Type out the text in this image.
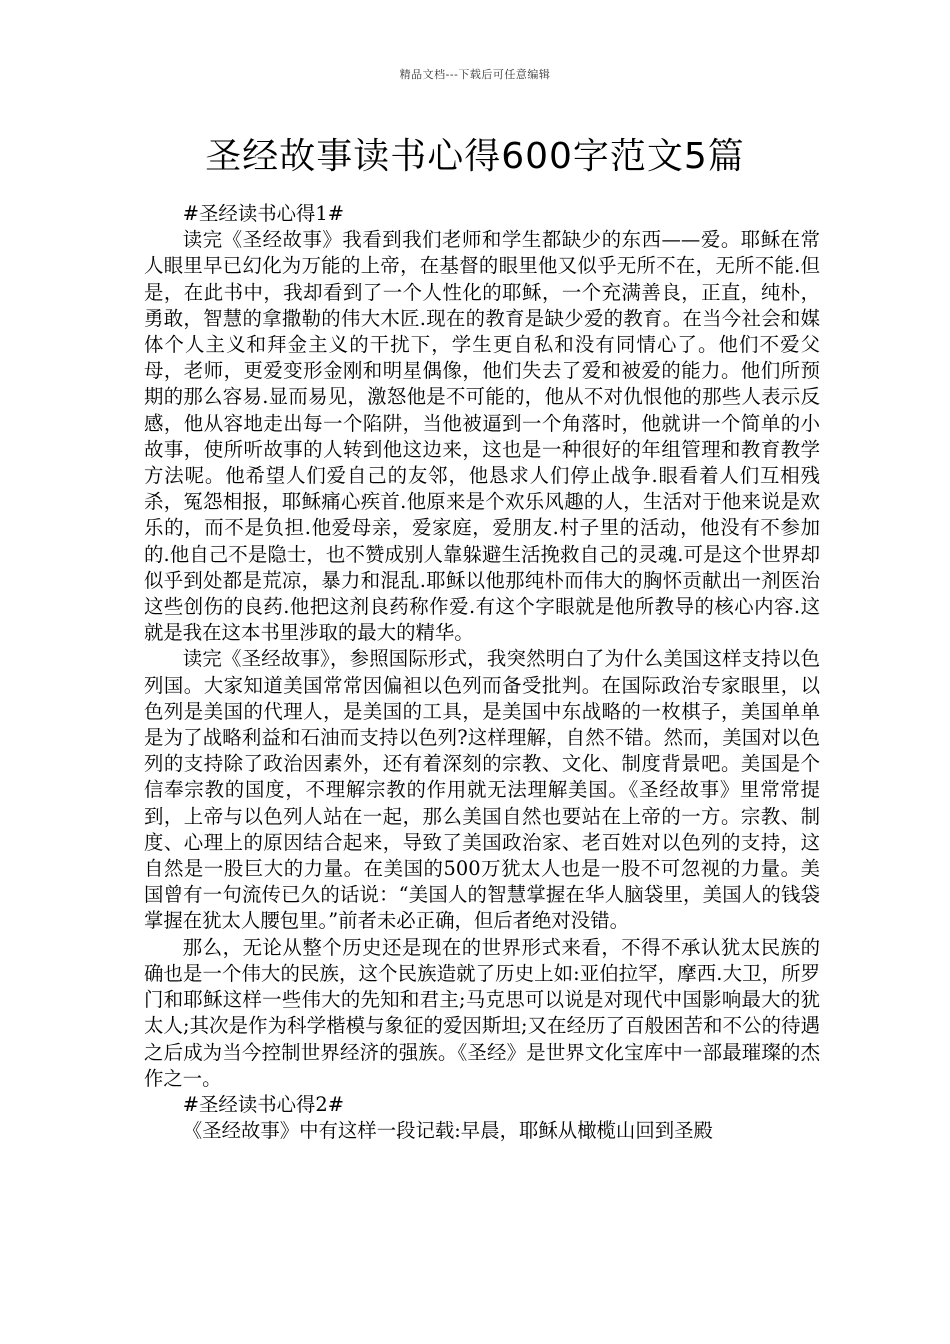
精品文档---下载后可任意编辑
圣经故事读书心得600字范文5篇

#圣经读书心得1#

读完《圣经故事》我看到我们老师和学生都缺少的东西——爱。耶稣在常人眼里早已幻化为万能的上帝，在基督的眼里他又似乎无所不在，无所不能.但是，在此书中，我却看到了一个人性化的耶稣，一个充满善良，正直，纯朴，勇敢，智慧的拿撒勒的伟大木匠.现在的教育是缺少爱的教育。在当今社会和媒体个人主义和拜金主义的干扰下，学生更自私和没有同情心了。他们不爱父母，老师，更爱变形金刚和明星偶像，他们失去了爱和被爱的能力。他们所预期的那么容易.显而易见，激怒他是不可能的，他从不对仇恨他的那些人表示反感，他从容地走出每一个陷阱，当他被逼到一个角落时，他就讲一个简单的小故事，使所听故事的人转到他这边来，这也是一种很好的年组管理和教育教学方法呢。他希望人们爱自己的友邻，他恳求人们停止战争.眼看着人们互相残杀，冤怨相报，耶稣痛心疾首.他原来是个欢乐风趣的人，生活对于他来说是欢乐的，而不是负担.他爱母亲，爱家庭，爱朋友.村子里的活动，他没有不参加的.他自己不是隐士，也不赞成别人靠躲避生活挽救自己的灵魂.可是这个世界却似乎到处都是荒凉，暴力和混乱.耶稣以他那纯朴而伟大的胸怀贡献出一剂医治这些创伤的良药.他把这剂良药称作爱.有这个字眼就是他所教导的核心内容.这就是我在这本书里涉取的最大的精华。

读完《圣经故事》，参照国际形式，我突然明白了为什么美国这样支持以色列国。大家知道美国常常因偏袒以色列而备受批判。在国际政治专家眼里，以色列是美国的代理人，是美国的工具，是美国中东战略的一枚棋子，美国单单是为了战略利益和石油而支持以色列?这样理解，自然不错。然而，美国对以色列的支持除了政治因素外，还有着深刻的宗教、文化、制度背景吧。美国是个信奉宗教的国度，不理解宗教的作用就无法理解美国。《圣经故事》里常常提到，上帝与以色列人站在一起，那么美国自然也要站在上帝的一方。宗教、制度、心理上的原因结合起来，导致了美国政治家、老百姓对以色列的支持，这自然是一股巨大的力量。在美国的500万犹太人也是一股不可忽视的力量。美国曾有一句流传已久的话说：“美国人的智慧掌握在华人脑袋里，美国人的钱袋掌握在犹太人腰包里。”前者未必正确，但后者绝对没错。

那么，无论从整个历史还是现在的世界形式来看，不得不承认犹太民族的确也是一个伟大的民族，这个民族造就了历史上如:亚伯拉罕，摩西.大卫，所罗门和耶稣这样一些伟大的先知和君主;马克思可以说是对现代中国影响最大的犹太人;其次是作为科学楷模与象征的爱因斯坦;又在经历了百般困苦和不公的待遇之后成为当今控制世界经济的强族。《圣经》是世界文化宝库中一部最璀璨的杰作之一。

#圣经读书心得2#

《圣经故事》中有这样一段记载:早晨，耶稣从橄榄山回到圣殿
